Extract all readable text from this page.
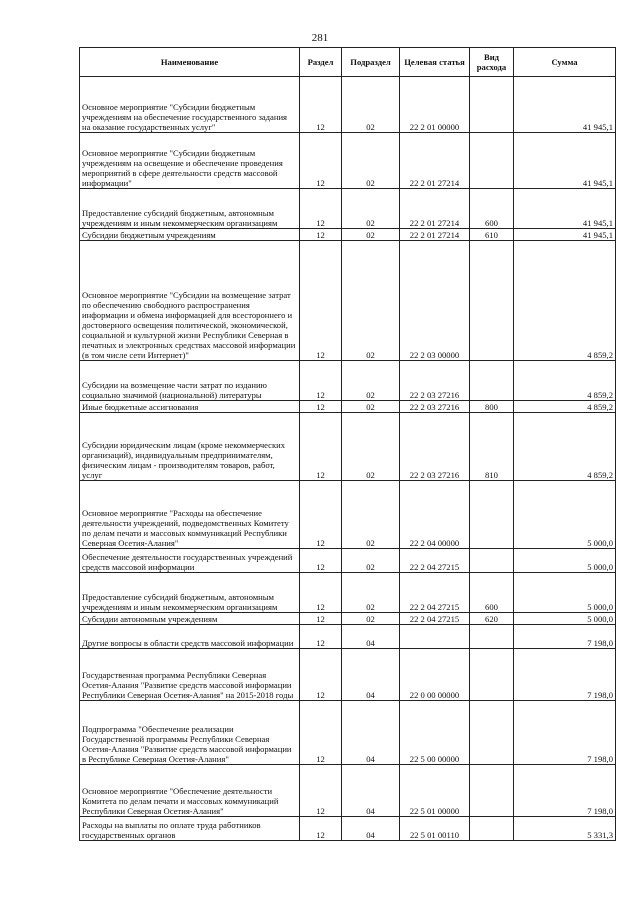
281
Наименование	Раздел	Подраздел	Целевая статья	Вид расхода	Сумма
Основное мероприятие "Субсидии бюджетным учреждениям на обеспечение государственного задания на оказание государственных услуг"	12	02	22 2 01 00000		41 945,1
Основное мероприятие "Субсидии бюджетным учреждениям на освещение и обеспечение проведения мероприятий в сфере деятельности средств массовой информации"	12	02	22 2 01 27214		41 945,1
Предоставление субсидий бюджетным, автономным учреждениям и иным некоммерческим организациям	12	02	22 2 01 27214	600	41 945,1
Субсидии бюджетным учреждениям	12	02	22 2 01 27214	610	41 945,1
Основное мероприятие "Субсидии на возмещение затрат по обеспечению свободного распространения информации и обмена информацией для всестороннего и достоверного освещения политической, экономической, социальной и культурной жизни Республики Северная в печатных и электронных средствах массовой информации (в том числе сети Интернет)"	12	02	22 2 03 00000		4 859,2
Субсидии на возмещение части затрат по изданию социально значимой (национальной) литературы	12	02	22 2 03 27216		4 859,2
Иные бюджетные ассигнования	12	02	22 2 03 27216	800	4 859,2
Субсидии юридическим лицам (кроме некоммерческих организаций), индивидуальным предпринимателям, физическим лицам - производителям товаров, работ, услуг	12	02	22 2 03 27216	810	4 859,2
Основное мероприятие "Расходы на обеспечение деятельности учреждений, подведомственных Комитету по делам печати и массовых коммуникаций Республики Северная Осетия-Алания"	12	02	22 2 04 00000		5 000,0
Обеспечение деятельности государственных учреждений средств массовой информации	12	02	22 2 04 27215		5 000,0
Предоставление субсидий бюджетным, автономным учреждениям и иным некоммерческим организациям	12	02	22 2 04 27215	600	5 000,0
Субсидии автономным учреждениям	12	02	22 2 04 27215	620	5 000,0
Другие вопросы в области средств массовой информации	12	04			7 198,0
Государственная программа Республики Северная Осетия-Алания "Развитие средств массовой информации Республики Северная Осетия-Алания" на 2015-2018 годы	12	04	22 0 00 00000		7 198,0
Подпрограмма "Обеспечение реализации Государственной программы Республики Северная Осетия-Алания "Развитие средств массовой информации в Республике Северная Осетия-Алания"	12	04	22 5 00 00000		7 198,0
Основное мероприятие "Обеспечение деятельности Комитета по делам печати и массовых коммуникаций Республики Северная Осетия-Алания"	12	04	22 5 01 00000		7 198,0
Расходы на выплаты по оплате труда работников государственных органов	12	04	22 5 01 00110		5 331,3
